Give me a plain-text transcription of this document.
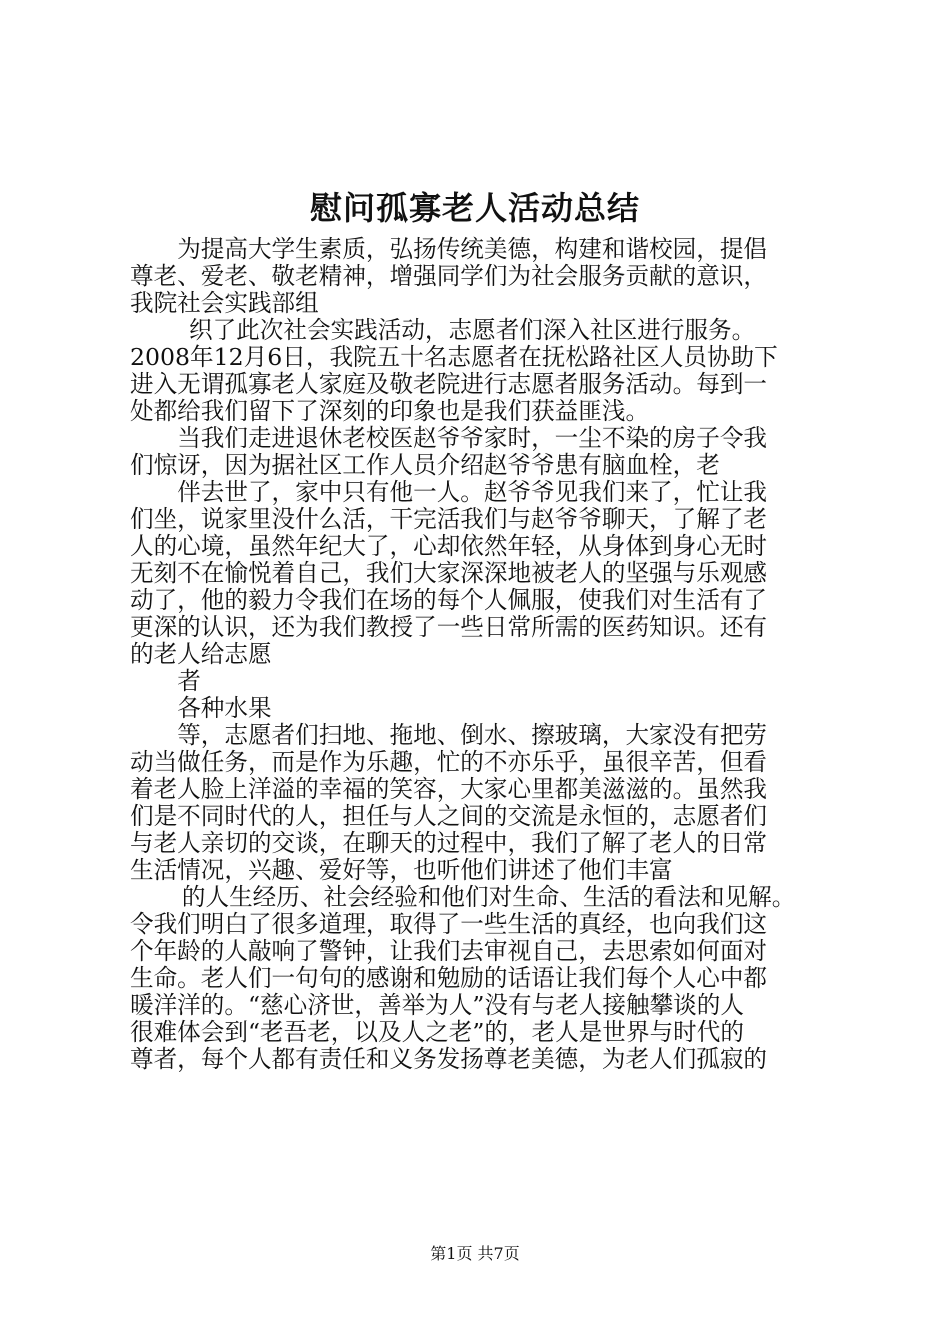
慰问孤寡老人活动总结
为提高大学生素质，弘扬传统美德，构建和谐校园，提倡
尊老、爱老、敬老精神，增强同学们为社会服务贡献的意识，
我院社会实践部组
织了此次社会实践活动，志愿者们深入社区进行服务。
2008年12月6日，我院五十名志愿者在抚松路社区人员协助下
进入无谓孤寡老人家庭及敬老院进行志愿者服务活动。每到一
处都给我们留下了深刻的印象也是我们获益匪浅。
当我们走进退休老校医赵爷爷家时，一尘不染的房子令我
们惊讶，因为据社区工作人员介绍赵爷爷患有脑血栓，老
伴去世了，家中只有他一人。赵爷爷见我们来了，忙让我
们坐，说家里没什么活，干完活我们与赵爷爷聊天，了解了老
人的心境，虽然年纪大了，心却依然年轻，从身体到身心无时
无刻不在愉悦着自己，我们大家深深地被老人的坚强与乐观感
动了，他的毅力令我们在场的每个人佩服，使我们对生活有了
更深的认识，还为我们教授了一些日常所需的医药知识。还有
的老人给志愿
者
各种水果
等，志愿者们扫地、拖地、倒水、擦玻璃，大家没有把劳
动当做任务，而是作为乐趣，忙的不亦乐乎，虽很辛苦，但看
着老人脸上洋溢的幸福的笑容，大家心里都美滋滋的。虽然我
们是不同时代的人，担任与人之间的交流是永恒的，志愿者们
与老人亲切的交谈，在聊天的过程中，我们了解了老人的日常
生活情况，兴趣、爱好等，也听他们讲述了他们丰富
的人生经历、社会经验和他们对生命、生活的看法和见解。
令我们明白了很多道理，取得了一些生活的真经，也向我们这
个年龄的人敲响了警钟，让我们去审视自己，去思索如何面对
生命。老人们一句句的感谢和勉励的话语让我们每个人心中都
暖洋洋的。“慈心济世，善举为人”没有与老人接触攀谈的人
很难体会到“老吾老，以及人之老”的，老人是世界与时代的
尊者，每个人都有责任和义务发扬尊老美德，为老人们孤寂的
第1页 共7页
